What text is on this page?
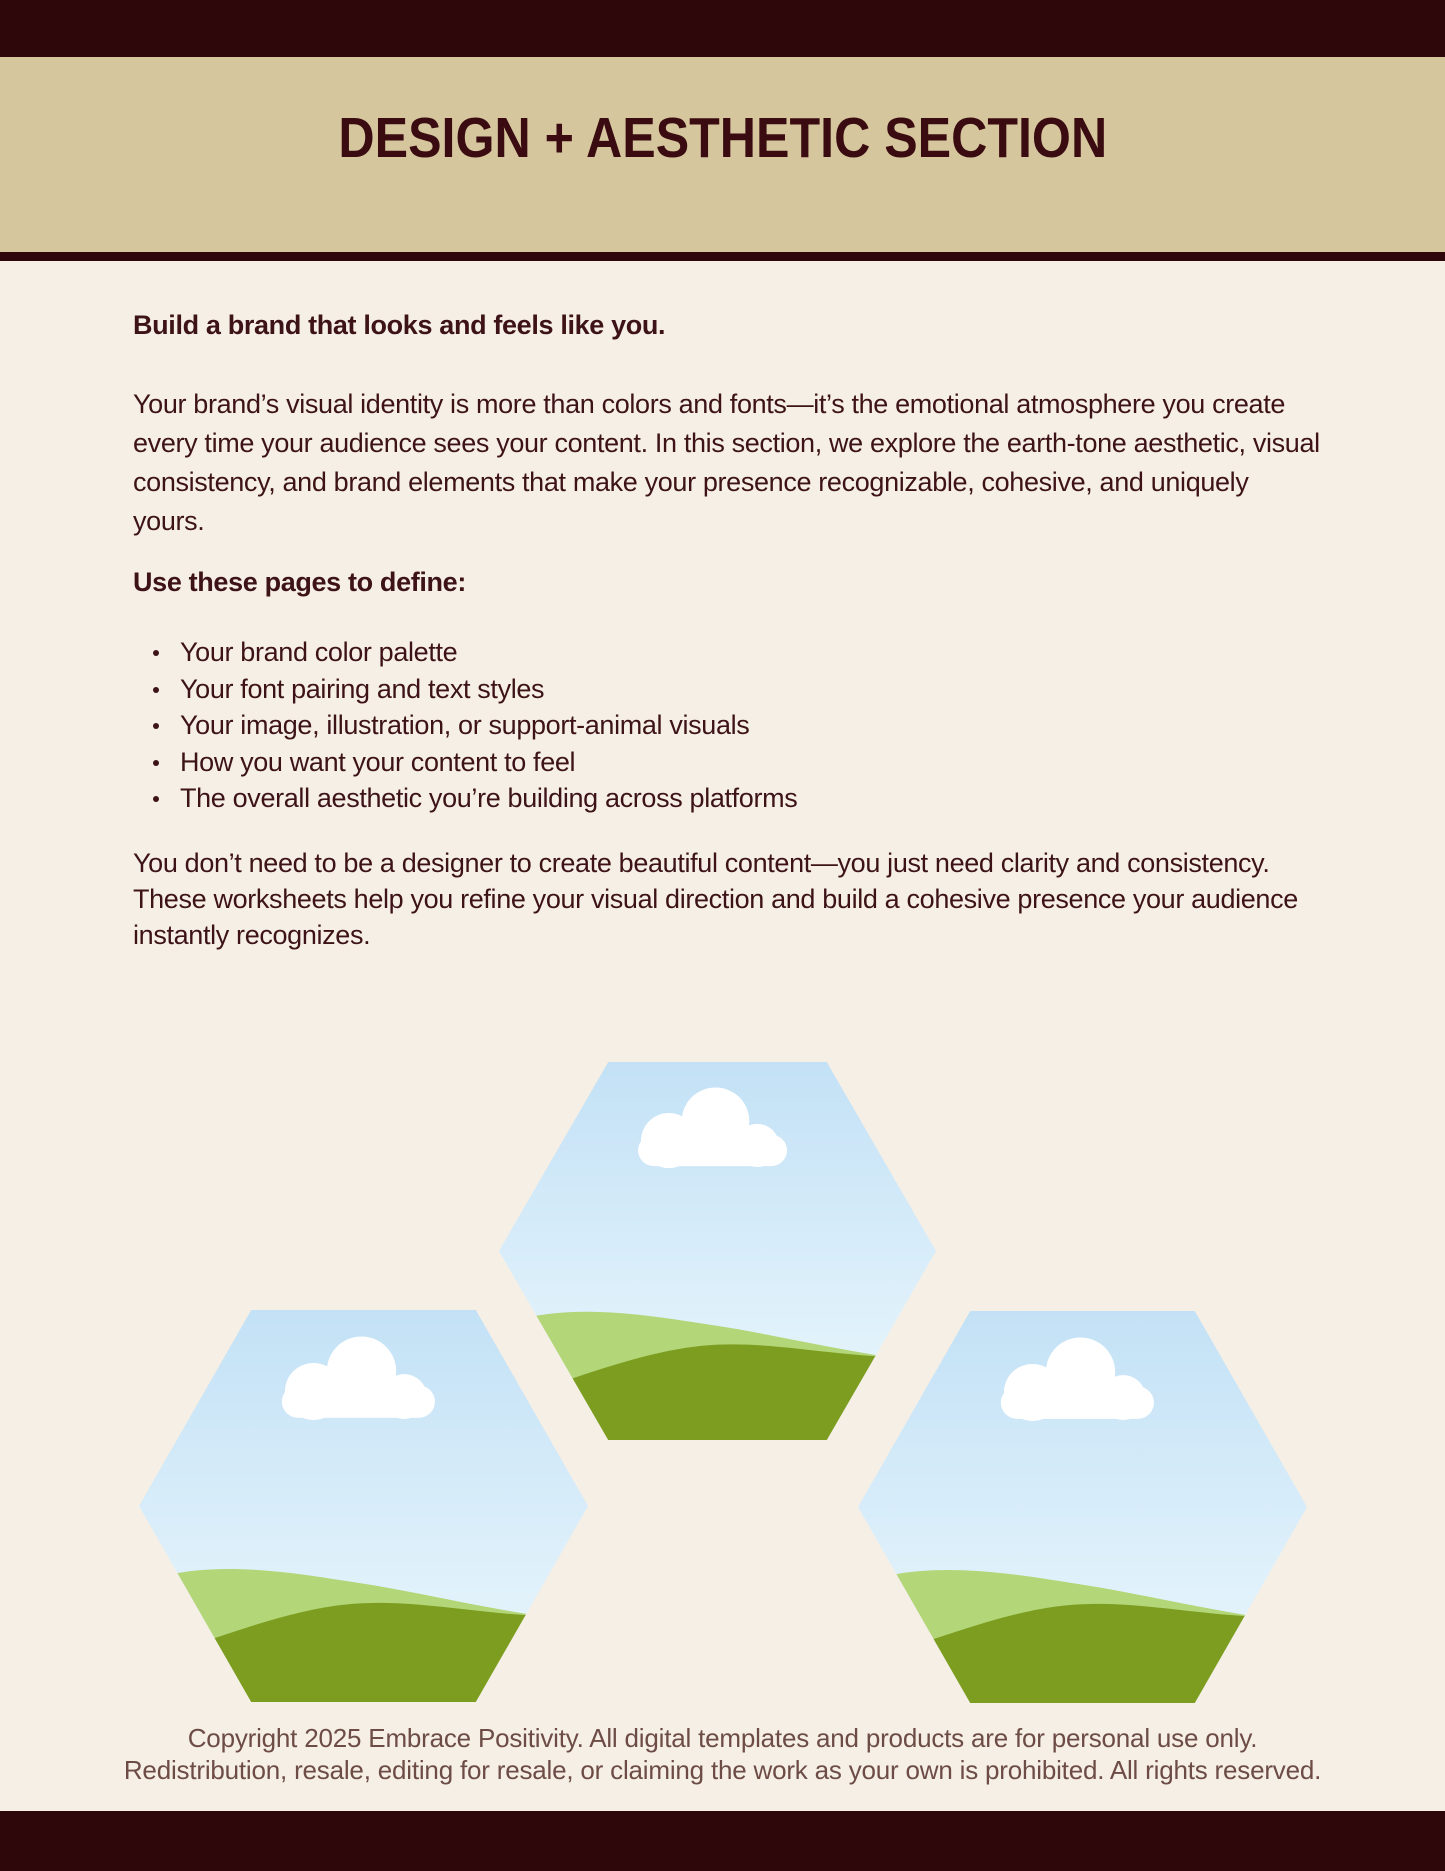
DESIGN + AESTHETIC SECTION
Build a brand that looks and feels like you.

Your brand’s visual identity is more than colors and fonts—it’s the emotional atmosphere you create every time your audience sees your content. In this section, we explore the earth-tone aesthetic, visual consistency, and brand elements that make your presence recognizable, cohesive, and uniquely yours.

Use these pages to define:
Your brand color palette
Your font pairing and text styles
Your image, illustration, or support-animal visuals
How you want your content to feel
The overall aesthetic you’re building across platforms

You don’t need to be a designer to create beautiful content—you just need clarity and consistency. These worksheets help you refine your visual direction and build a cohesive presence your audience instantly recognizes.

Copyright 2025 Embrace Positivity. All digital templates and products are for personal use only.
Redistribution, resale, editing for resale, or claiming the work as your own is prohibited. All rights reserved.
